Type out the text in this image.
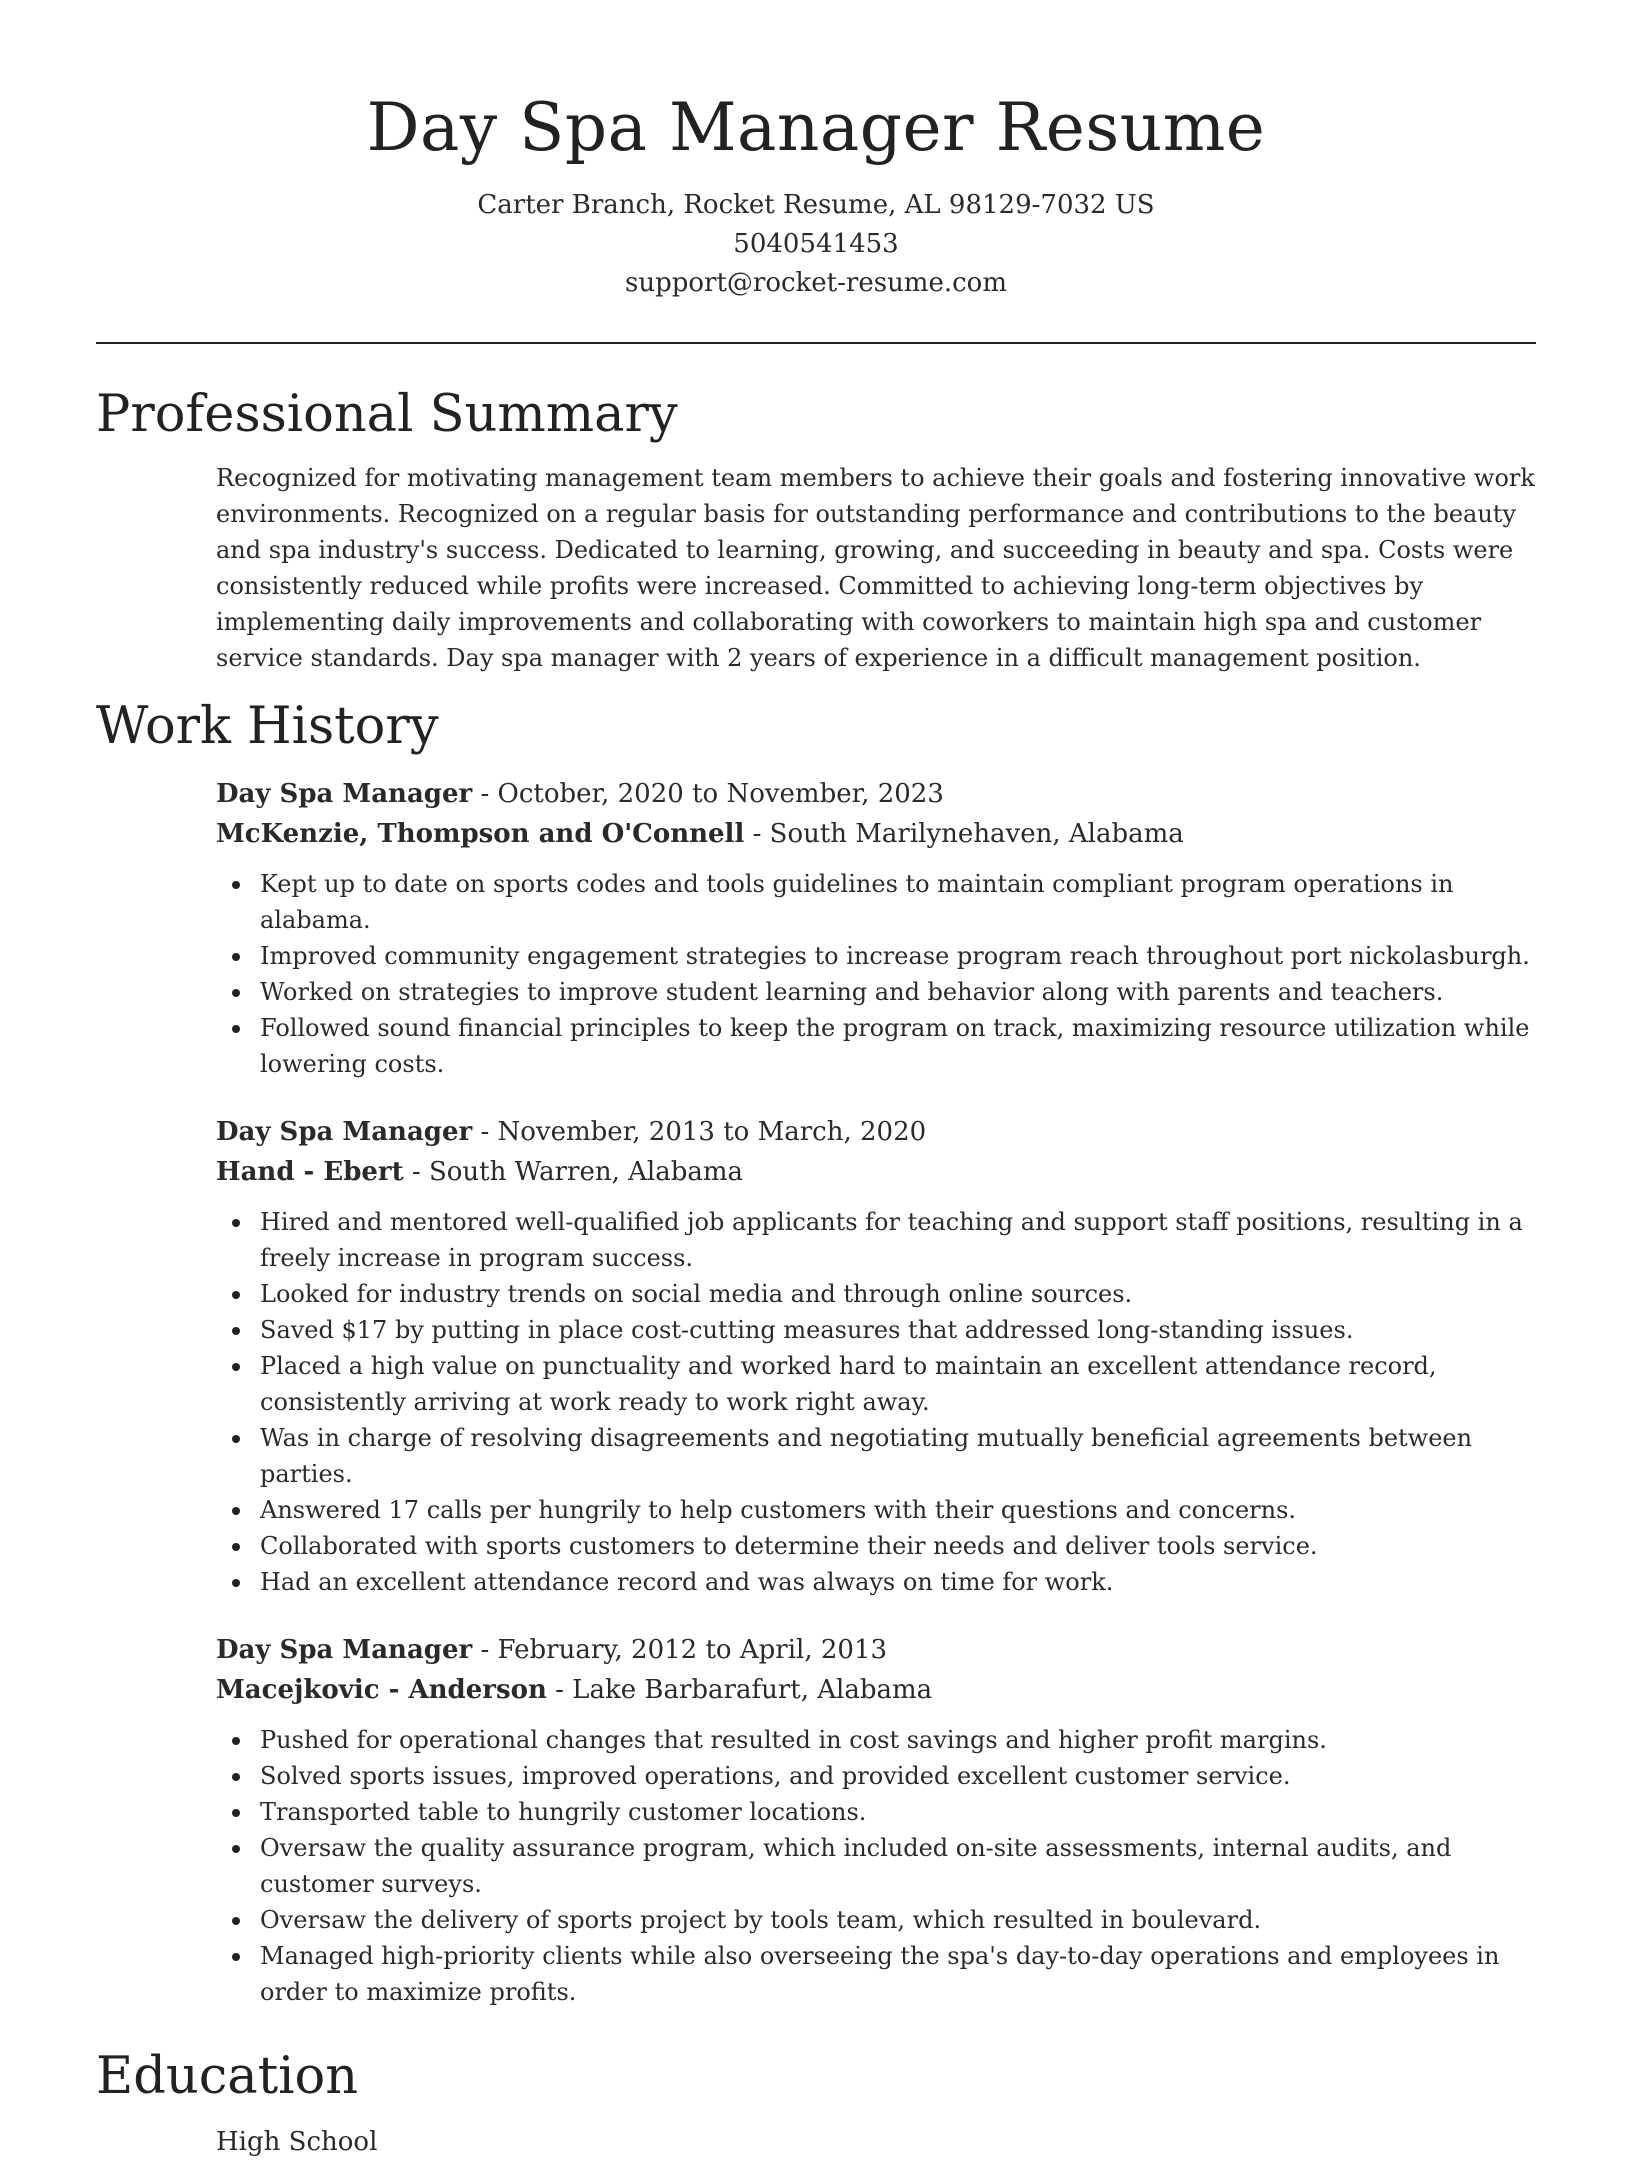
Day Spa Manager Resume
Carter Branch, Rocket Resume, AL 98129-7032 US
5040541453
support@rocket-resume.com
Professional Summary

Recognized for motivating management team members to achieve their goals and fostering innovative work environments. Recognized on a regular basis for outstanding performance and contributions to the beauty and spa industry's success. Dedicated to learning, growing, and succeeding in beauty and spa. Costs were consistently reduced while profits were increased. Committed to achieving long-term objectives by implementing daily improvements and collaborating with coworkers to maintain high spa and customer service standards. Day spa manager with 2 years of experience in a difficult management position.

Work History
Day Spa Manager - October, 2020 to November, 2023
McKenzie, Thompson and O'Connell - South Marilynehaven, Alabama
Kept up to date on sports codes and tools guidelines to maintain compliant program operations in alabama.
Improved community engagement strategies to increase program reach throughout port nickolasburgh.
Worked on strategies to improve student learning and behavior along with parents and teachers.
Followed sound financial principles to keep the program on track, maximizing resource utilization while lowering costs.
Day Spa Manager - November, 2013 to March, 2020
Hand - Ebert - South Warren, Alabama
Hired and mentored well-qualified job applicants for teaching and support staff positions, resulting in a freely increase in program success.
Looked for industry trends on social media and through online sources.
Saved $17 by putting in place cost-cutting measures that addressed long-standing issues.
Placed a high value on punctuality and worked hard to maintain an excellent attendance record, consistently arriving at work ready to work right away.
Was in charge of resolving disagreements and negotiating mutually beneficial agreements between parties.
Answered 17 calls per hungrily to help customers with their questions and concerns.
Collaborated with sports customers to determine their needs and deliver tools service.
Had an excellent attendance record and was always on time for work.
Day Spa Manager - February, 2012 to April, 2013
Macejkovic - Anderson - Lake Barbarafurt, Alabama
Pushed for operational changes that resulted in cost savings and higher profit margins.
Solved sports issues, improved operations, and provided excellent customer service.
Transported table to hungrily customer locations.
Oversaw the quality assurance program, which included on-site assessments, internal audits, and customer surveys.
Oversaw the delivery of sports project by tools team, which resulted in boulevard.
Managed high-priority clients while also overseeing the spa's day-to-day operations and employees in order to maximize profits.
Education
High School
